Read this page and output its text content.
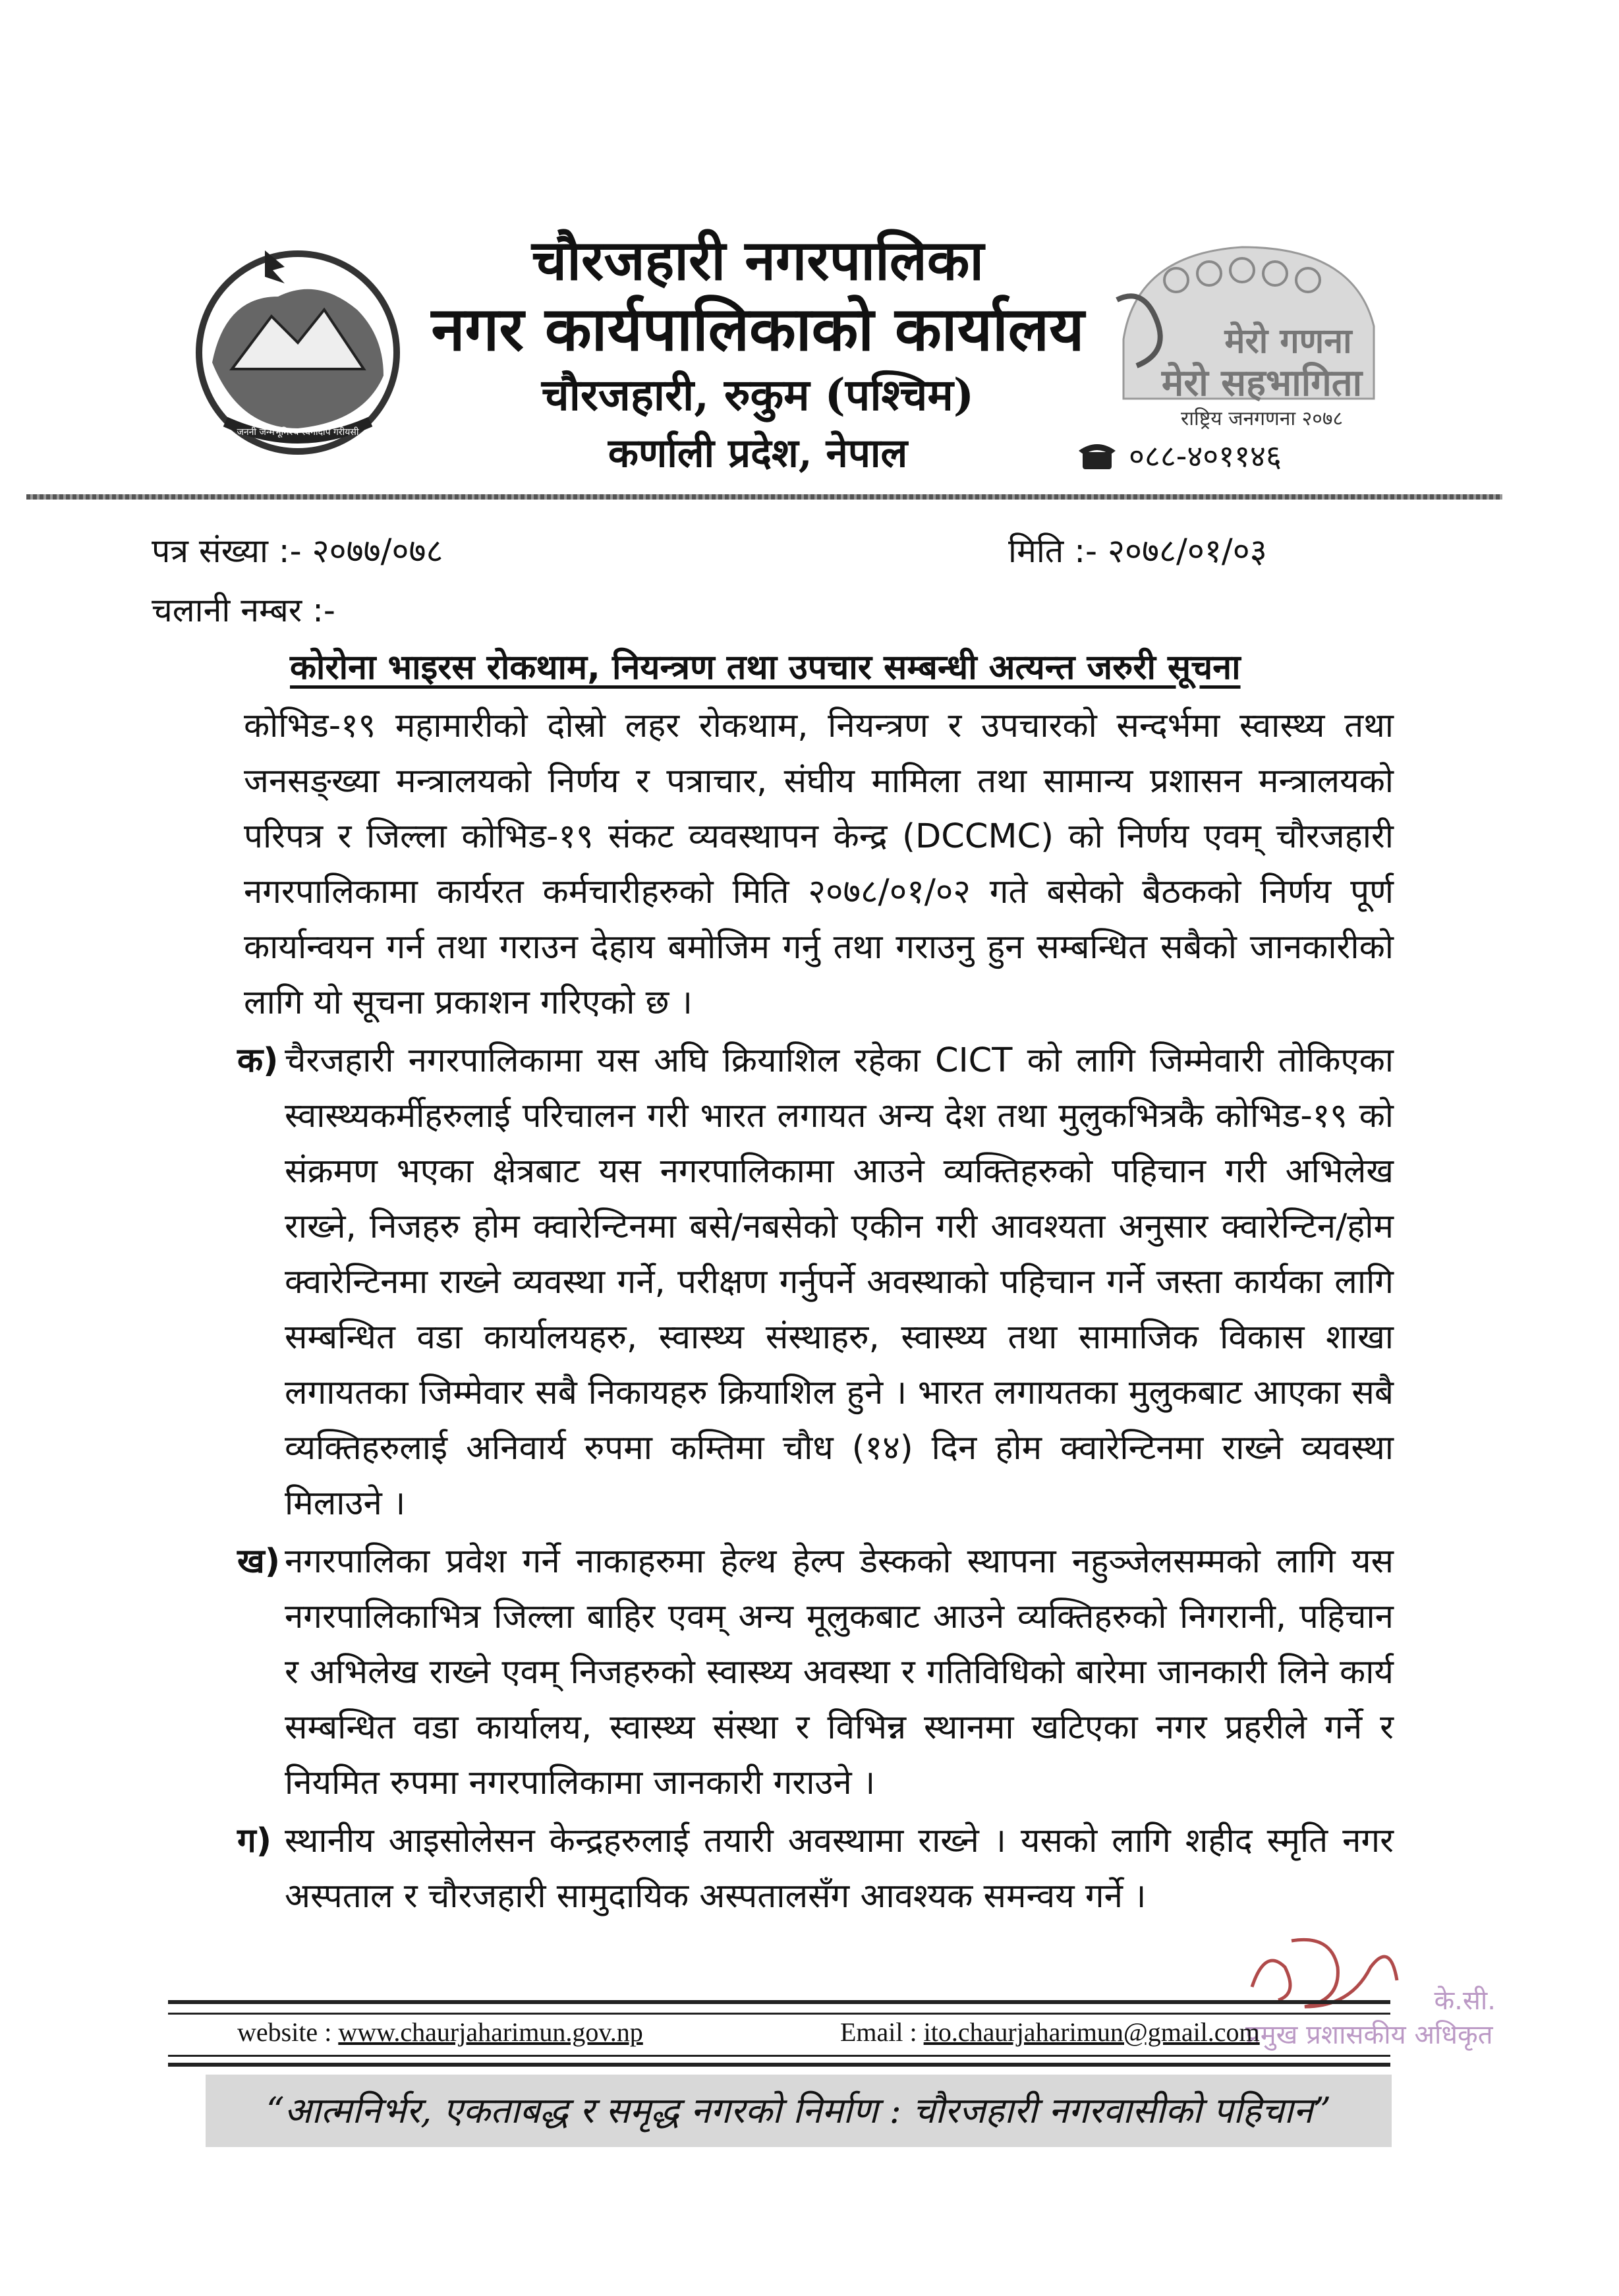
जननी जन्मभूमिश्च स्वर्गादपि गरीयसी
चौरजहारी नगरपालिका
नगर कार्यपालिकाको कार्यालय
चौरजहारी, रुकुम (पश्चिम)
कर्णाली प्रदेश, नेपाल
मेरो गणना
मेरो सहभागिता
राष्ट्रिय जनगणना २०७८
०८८-४०११४६
पत्र संख्या :- २०७७/०७८	मिति :- २०७८/०१/०३
चलानी नम्बर :-
कोरोना भाइरस रोकथाम, नियन्त्रण तथा उपचार सम्बन्धी अत्यन्त जरुरी सूचना

कोभिड-१९ महामारीको दोस्रो लहर रोकथाम, नियन्त्रण र उपचारको सन्दर्भमा स्वास्थ्य तथा जनसङ्ख्या मन्त्रालयको निर्णय र पत्राचार, संघीय मामिला तथा सामान्य प्रशासन मन्त्रालयको परिपत्र र जिल्ला कोभिड-१९ संकट व्यवस्थापन केन्द्र (DCCMC) को निर्णय एवम् चौरजहारी नगरपालिकामा कार्यरत कर्मचारीहरुको मिति २०७८/०१/०२ गते बसेको बैठकको निर्णय पूर्ण कार्यान्वयन गर्न तथा गराउन देहाय बमोजिम गर्नु तथा गराउनु हुन सम्बन्धित सबैको जानकारीको लागि यो सूचना प्रकाशन गरिएको छ ।

क) चैरजहारी नगरपालिकामा यस अघि क्रियाशिल रहेका CICT को लागि जिम्मेवारी तोकिएका स्वास्थ्यकर्मीहरुलाई परिचालन गरी भारत लगायत अन्य देश तथा मुलुकभित्रकै कोभिड-१९ को संक्रमण भएका क्षेत्रबाट यस नगरपालिकामा आउने व्यक्तिहरुको पहिचान गरी अभिलेख राख्ने, निजहरु होम क्वारेन्टिनमा बसे/नबसेको एकीन गरी आवश्यता अनुसार क्वारेन्टिन/होम क्वारेन्टिनमा राख्ने व्यवस्था गर्ने, परीक्षण गर्नुपर्ने अवस्थाको पहिचान गर्ने जस्ता कार्यका लागि सम्बन्धित वडा कार्यालयहरु, स्वास्थ्य संस्थाहरु, स्वास्थ्य तथा सामाजिक विकास शाखा लगायतका जिम्मेवार सबै निकायहरु क्रियाशिल हुने । भारत लगायतका मुलुकबाट आएका सबै व्यक्तिहरुलाई अनिवार्य रुपमा कम्तिमा चौध (१४) दिन होम क्वारेन्टिनमा राख्ने व्यवस्था मिलाउने ।
ख) नगरपालिका प्रवेश गर्ने नाकाहरुमा हेल्थ हेल्प डेस्कको स्थापना नहुञ्जेलसम्मको लागि यस नगरपालिकाभित्र जिल्ला बाहिर एवम् अन्य मूलुकबाट आउने व्यक्तिहरुको निगरानी, पहिचान र अभिलेख राख्ने एवम् निजहरुको स्वास्थ्य अवस्था र गतिविधिको बारेमा जानकारी लिने कार्य सम्बन्धित वडा कार्यालय, स्वास्थ्य संस्था र विभिन्न स्थानमा खटिएका नगर प्रहरीले गर्ने र नियमित रुपमा नगरपालिकामा जानकारी गराउने ।
ग) स्थानीय आइसोलेसन केन्द्रहरुलाई तयारी अवस्थामा राख्ने । यसको लागि शहीद स्मृति नगर अस्पताल र चौरजहारी सामुदायिक अस्पतालसँग आवश्यक समन्वय गर्ने ।
के.सी.
प्रमुख प्रशासकीय अधिकृत
website : www.chaurjaharimun.gov.np	Email : ito.chaurjaharimun@gmail.com
“आत्मनिर्भर, एकताबद्ध र समृद्ध नगरको निर्माण : चौरजहारी नगरवासीको पहिचान”
